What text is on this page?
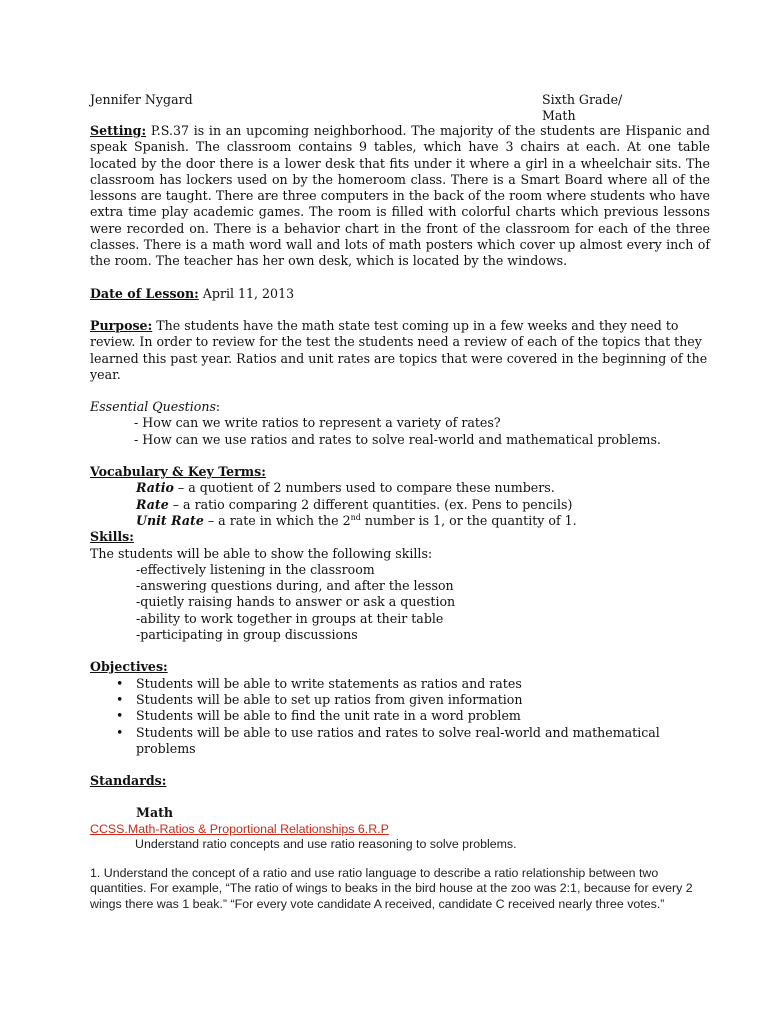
Jennifer Nygard	Sixth Grade/ Math

Setting: P.S.37 is in an upcoming neighborhood. The majority of the students are Hispanic and speak Spanish. The classroom contains 9 tables, which have 3 chairs at each. At one table located by the door there is a lower desk that fits under it where a girl in a wheelchair sits. The classroom has lockers used on by the homeroom class. There is a Smart Board where all of the lessons are taught. There are three computers in the back of the room where students who have extra time play academic games. The room is filled with colorful charts which previous lessons were recorded on. There is a behavior chart in the front of the classroom for each of the three classes. There is a math word wall and lots of math posters which cover up almost every inch of the room. The teacher has her own desk, which is located by the windows.

Date of Lesson: April 11, 2013

Purpose: The students have the math state test coming up in a few weeks and they need to review. In order to review for the test the students need a review of each of the topics that they learned this past year. Ratios and unit rates are topics that were covered in the beginning of the year.

Essential Questions:

- How can we write ratios to represent a variety of rates?

- How can we use ratios and rates to solve real-world and mathematical problems.

Vocabulary & Key Terms:

Ratio – a quotient of 2 numbers used to compare these numbers.

Rate – a ratio comparing 2 different quantities. (ex. Pens to pencils)

Unit Rate – a rate in which the 2nd number is 1, or the quantity of 1.

Skills:

The students will be able to show the following skills:

-effectively listening in the classroom

-answering questions during, and after the lesson

-quietly raising hands to answer or ask a question

-ability to work together in groups at their table

-participating in group discussions

Objectives:

• Students will be able to write statements as ratios and rates
• Students will be able to set up ratios from given information
• Students will be able to find the unit rate in a word problem
• Students will be able to use ratios and rates to solve real-world and mathematical problems

Standards:

Math

CCSS.Math-Ratios & Proportional Relationships 6.R.P

Understand ratio concepts and use ratio reasoning to solve problems.

1. Understand the concept of a ratio and use ratio language to describe a ratio relationship between two quantities. For example, “The ratio of wings to beaks in the bird house at the zoo was 2:1, because for every 2 wings there was 1 beak.” “For every vote candidate A received, candidate C received nearly three votes.”
